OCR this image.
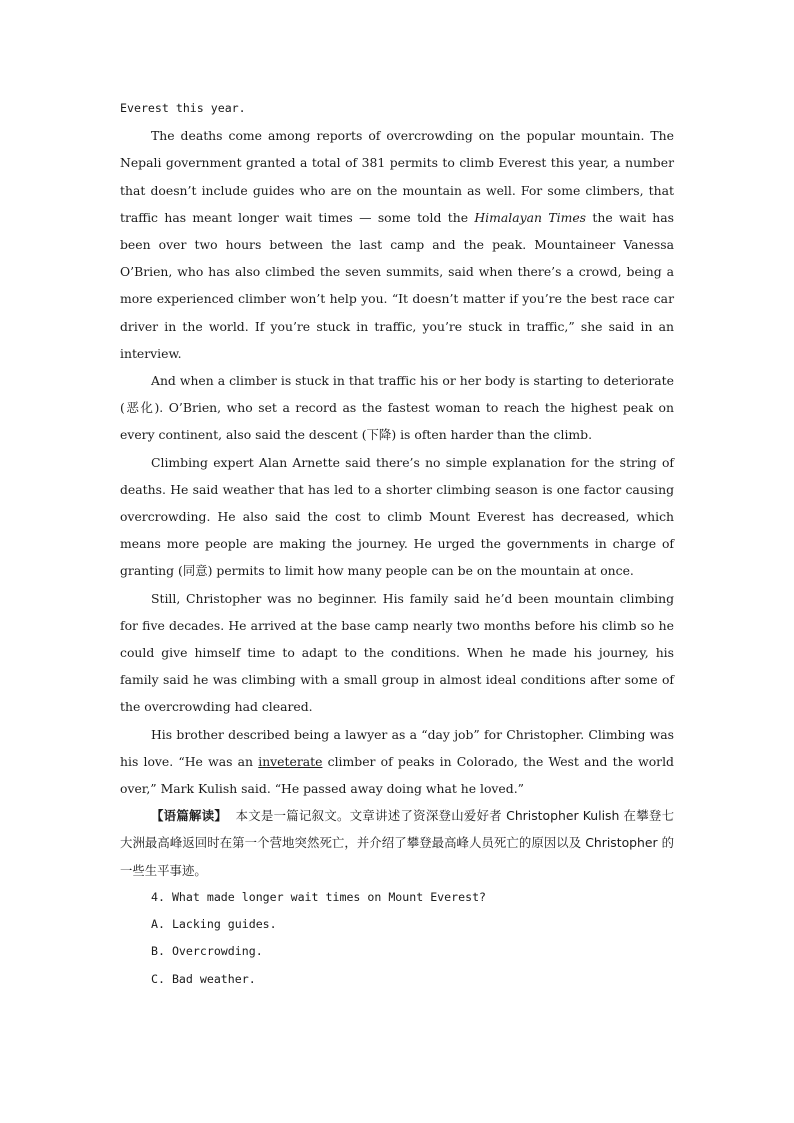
Everest this year.

The deaths come among reports of overcrowding on the popular mountain. The Nepali government granted a total of 381 permits to climb Everest this year, a number that doesn’t include guides who are on the mountain as well. For some climbers, that traffic has meant longer wait times — some told the Himalayan Times the wait has been over two hours between the last camp and the peak. Mountaineer Vanessa O’Brien, who has also climbed the seven summits, said when there’s a crowd, being a more experienced climber won’t help you. “It doesn’t matter if you’re the best race car driver in the world. If you’re stuck in traffic, you’re stuck in traffic,” she said in an interview.

And when a climber is stuck in that traffic his or her body is starting to deteriorate (恶化). O’Brien, who set a record as the fastest woman to reach the highest peak on every continent, also said the descent (下降) is often harder than the climb.

Climbing expert Alan Arnette said there’s no simple explanation for the string of deaths. He said weather that has led to a shorter climbing season is one factor causing overcrowding. He also said the cost to climb Mount Everest has decreased, which means more people are making the journey. He urged the governments in charge of granting (同意) permits to limit how many people can be on the mountain at once.

Still, Christopher was no beginner. His family said he’d been mountain climbing for five decades. He arrived at the base camp nearly two months before his climb so he could give himself time to adapt to the conditions. When he made his journey, his family said he was climbing with a small group in almost ideal conditions after some of the overcrowding had cleared.

His brother described being a lawyer as a “day job” for Christopher. Climbing was his love. “He was an inveterate climber of peaks in Colorado, the West and the world over,” Mark Kulish said. “He passed away doing what he loved.”

【语篇解读】 本文是一篇记叙文。文章讲述了资深登山爱好者 Christopher Kulish 在攀登七大洲最高峰返回时在第一个营地突然死亡，并介绍了攀登最高峰人员死亡的原因以及 Christopher 的一些生平事迹。

4. What made longer wait times on Mount Everest?

A. Lacking guides.

B. Overcrowding.

C. Bad weather.
